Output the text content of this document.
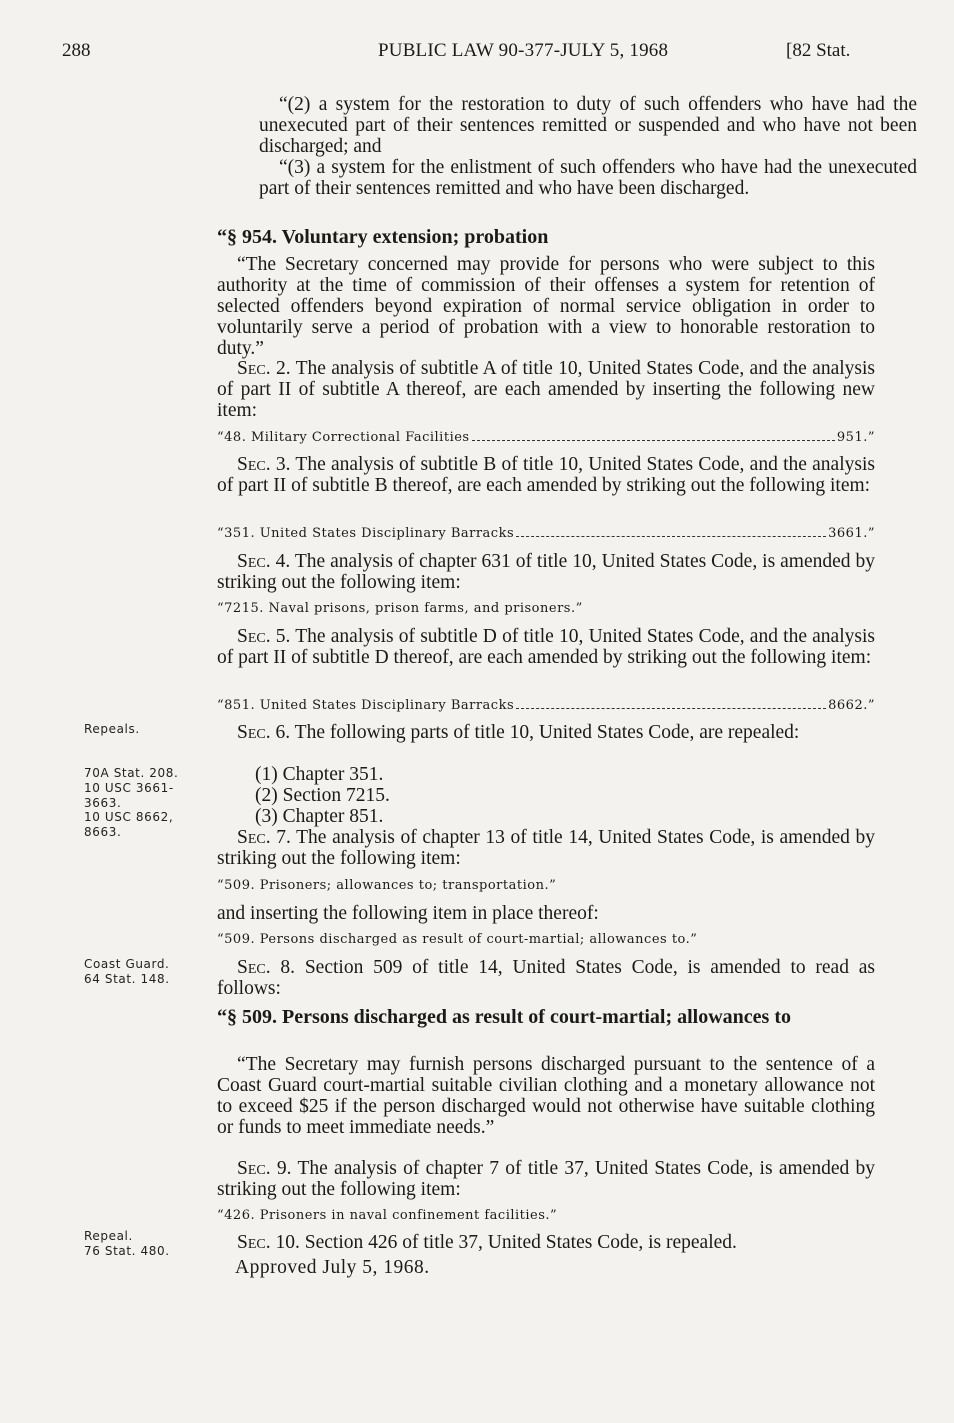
288	PUBLIC LAW 90-377-JULY 5, 1968	[82 Stat.
Repeals.
70A Stat. 208.
10 USC 3661-3663.
10 USC 8662, 8663.
Coast Guard.
64 Stat. 148.
Repeal.
76 Stat. 480.

“(2) a system for the restoration to duty of such offenders who have had the unexecuted part of their sentences remitted or suspended and who have not been discharged; and

“(3) a system for the enlistment of such offenders who have had the unexecuted part of their sentences remitted and who have been discharged.

“§ 954. Voluntary extension; probation

“The Secretary concerned may provide for persons who were subject to this authority at the time of commission of their offenses a system for retention of selected offenders beyond expiration of normal service obligation in order to voluntarily serve a period of probation with a view to honorable restoration to duty.”

Sec. 2. The analysis of subtitle A of title 10, United States Code, and the analysis of part II of subtitle A thereof, are each amended by inserting the following new item:

“48. Military Correctional Facilities	951.”

Sec. 3. The analysis of subtitle B of title 10, United States Code, and the analysis of part II of subtitle B thereof, are each amended by striking out the following item:

“351. United States Disciplinary Barracks	3661.”

Sec. 4. The analysis of chapter 631 of title 10, United States Code, is amended by striking out the following item:

“7215. Naval prisons, prison farms, and prisoners.”

Sec. 5. The analysis of subtitle D of title 10, United States Code, and the analysis of part II of subtitle D thereof, are each amended by striking out the following item:

“851. United States Disciplinary Barracks	8662.”

Sec. 6. The following parts of title 10, United States Code, are repealed:

(1) Chapter 351.
(2) Section 7215.
(3) Chapter 851.

Sec. 7. The analysis of chapter 13 of title 14, United States Code, is amended by striking out the following item:

“509. Prisoners; allowances to; transportation.”
and inserting the following item in place thereof:
“509. Persons discharged as result of court-martial; allowances to.”

Sec. 8. Section 509 of title 14, United States Code, is amended to read as follows:

“§ 509. Persons discharged as result of court-martial; allowances to

“The Secretary may furnish persons discharged pursuant to the sentence of a Coast Guard court-martial suitable civilian clothing and a monetary allowance not to exceed $25 if the person discharged would not otherwise have suitable clothing or funds to meet immediate needs.”

Sec. 9. The analysis of chapter 7 of title 37, United States Code, is amended by striking out the following item:

“426. Prisoners in naval confinement facilities.”

Sec. 10. Section 426 of title 37, United States Code, is repealed.

Approved July 5, 1968.
